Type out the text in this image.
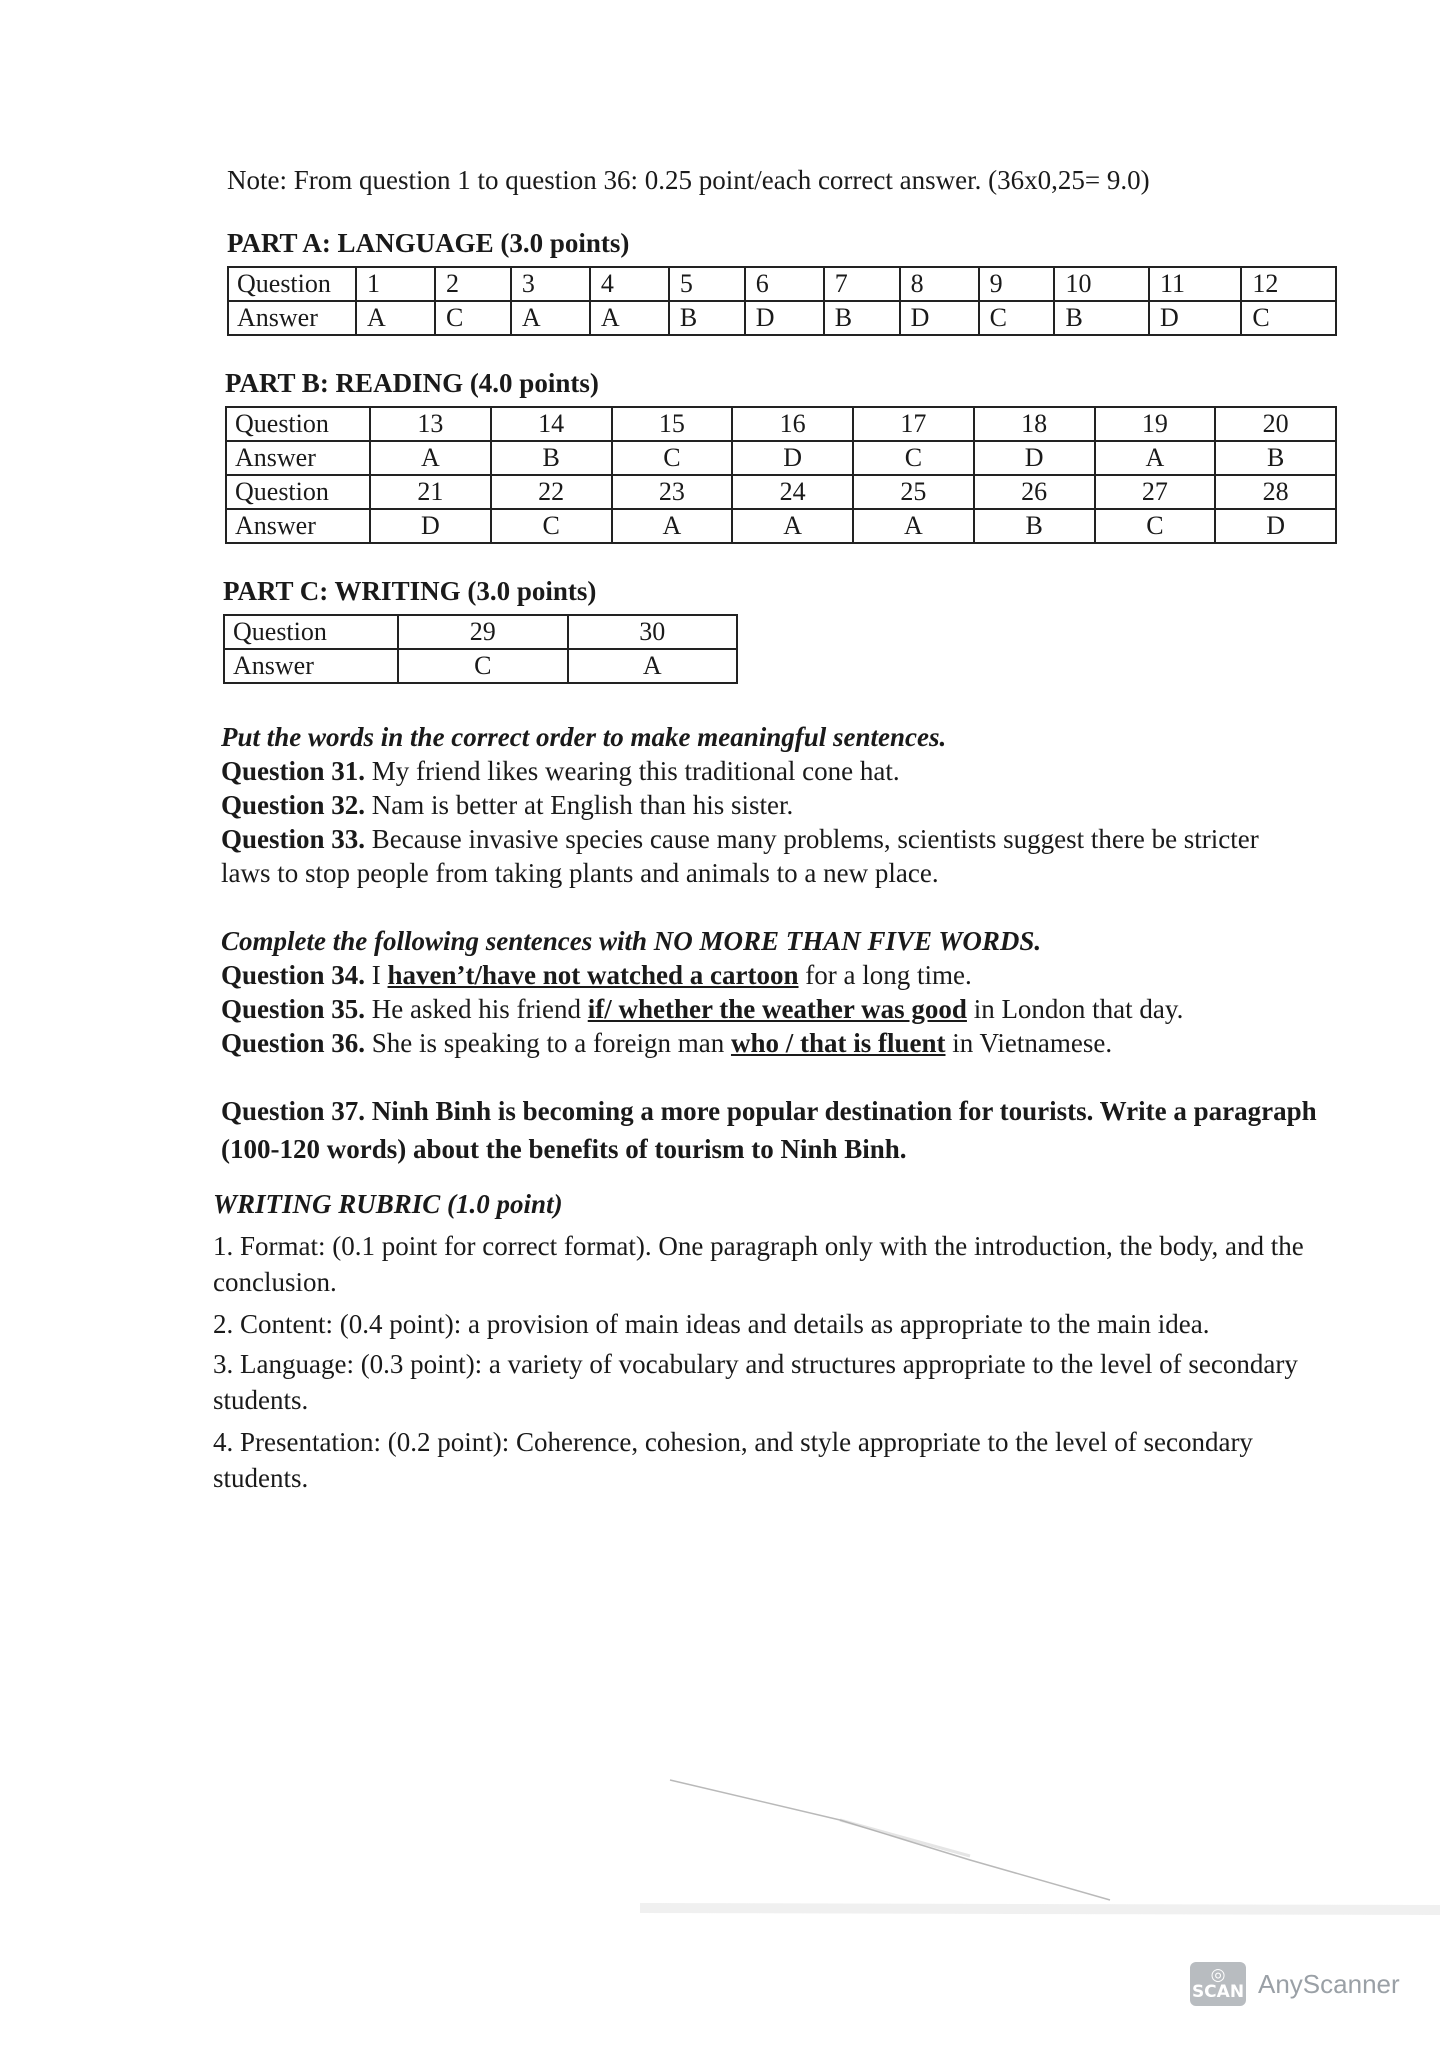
Note: From question 1 to question 36: 0.25 point/each correct answer. (36x0,25= 9.0)
PART A: LANGUAGE (3.0 points)
Question	1	2	3	4	5	6	7	8	9	10	11	12
Answer	A	C	A	A	B	D	B	D	C	B	D	C
PART B: READING (4.0 points)
Question	13	14	15	16	17	18	19	20
Answer	A	B	C	D	C	D	A	B
Question	21	22	23	24	25	26	27	28
Answer	D	C	A	A	A	B	C	D
PART C: WRITING (3.0 points)
Question	29	30
Answer	C	A

Put the words in the correct order to make meaningful sentences.

Question 31. My friend likes wearing this traditional cone hat.

Question 32. Nam is better at English than his sister.

Question 33. Because invasive species cause many problems, scientists suggest there be stricter laws to stop people from taking plants and animals to a new place.

Complete the following sentences with NO MORE THAN FIVE WORDS.

Question 34. I haven’t/have not watched a cartoon for a long time.

Question 35. He asked his friend if/ whether the weather was good in London that day.

Question 36. She is speaking to a foreign man who / that is fluent in Vietnamese.

Question 37. Ninh Binh is becoming a more popular destination for tourists. Write a paragraph (100-120 words) about the benefits of tourism to Ninh Binh.

WRITING RUBRIC (1.0 point)

1. Format: (0.1 point for correct format). One paragraph only with the introduction, the body, and the conclusion.

2. Content: (0.4 point): a provision of main ideas and details as appropriate to the main idea.

3. Language: (0.3 point): a variety of vocabulary and structures appropriate to the level of secondary students.

4. Presentation: (0.2 point): Coherence, cohesion, and style appropriate to the level of secondary students.

◎
SCAN AnyScanner
